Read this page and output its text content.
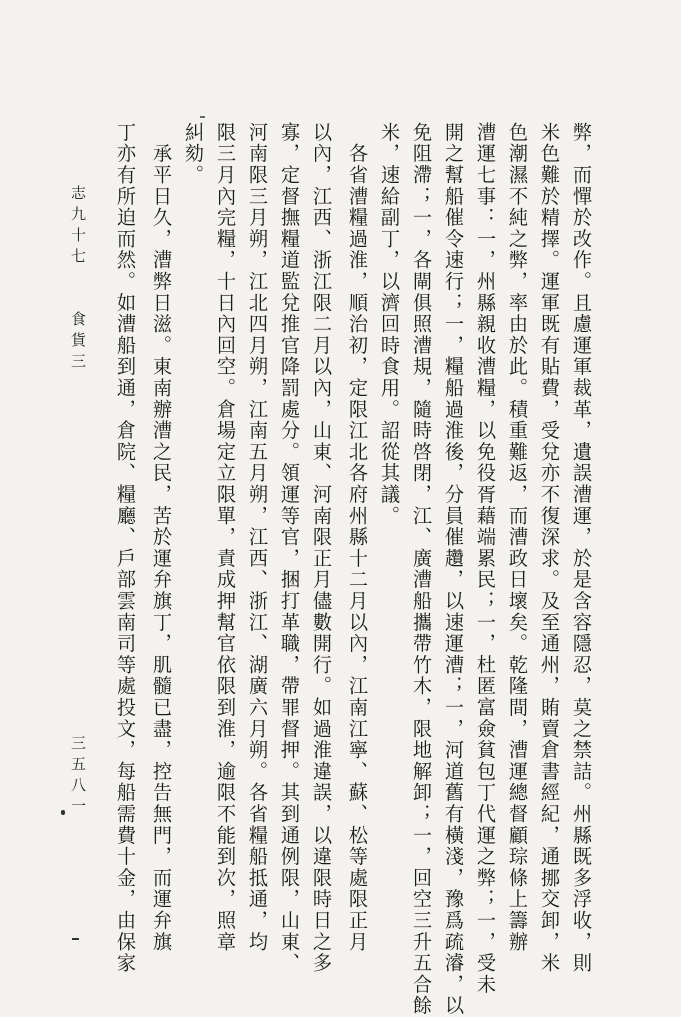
弊，而憚於改作。且慮運軍裁革，遺誤漕運，於是含容隱忍，莫之禁詰。州縣既多浮收，則
米色難於精擇。運軍既有貼費，受兌亦不復深求。及至通州，賄賣倉書經紀，通挪交卸，米
色潮濕不純之弊，率由於此。積重難返，而漕政日壞矣。乾隆間，漕運總督顧琮條上籌辦
漕運七事：一，州縣親收漕糧，以免役胥藉端累民；一，杜匿富僉貧包丁代運之弊；一，受未
開之幫船催令速行；一，糧船過淮後，分員催趲，以速運漕；一，河道舊有橫淺，豫爲疏濬，以
免阻滯；一，各閘俱照漕規，隨時啓閉，江、廣漕船攜帶竹木，限地解卸；一，回空三升五合餘
米，速給副丁，以濟回時食用。詔從其議。
　各省漕糧過淮，順治初，定限江北各府州縣十二月以內，江南江寧、蘇、松等處限正月
以內，江西、浙江限二月以內，山東、河南限正月儘數開行。如過淮違誤，以違限時日之多
寡，定督撫糧道監兌推官降罰處分。領運等官，捆打革職，帶罪督押。其到通例限，山東、
河南限三月朔，江北四月朔，江南五月朔，江西、浙江、湖廣六月朔。各省糧船抵通，均
限三月內完糧，十日內回空。倉場定立限單，責成押幫官依限到淮，逾限不能到次，照章
糾劾。
　承平日久，漕弊日滋。東南辦漕之民，苦於運弁旗丁，肌髓已盡，控告無門，而運弁旗
丁亦有所迫而然。如漕船到通，倉院、糧廳、戶部雲南司等處投文，每船需費十金，由保家
志九十七　　食貨三
三五八一
